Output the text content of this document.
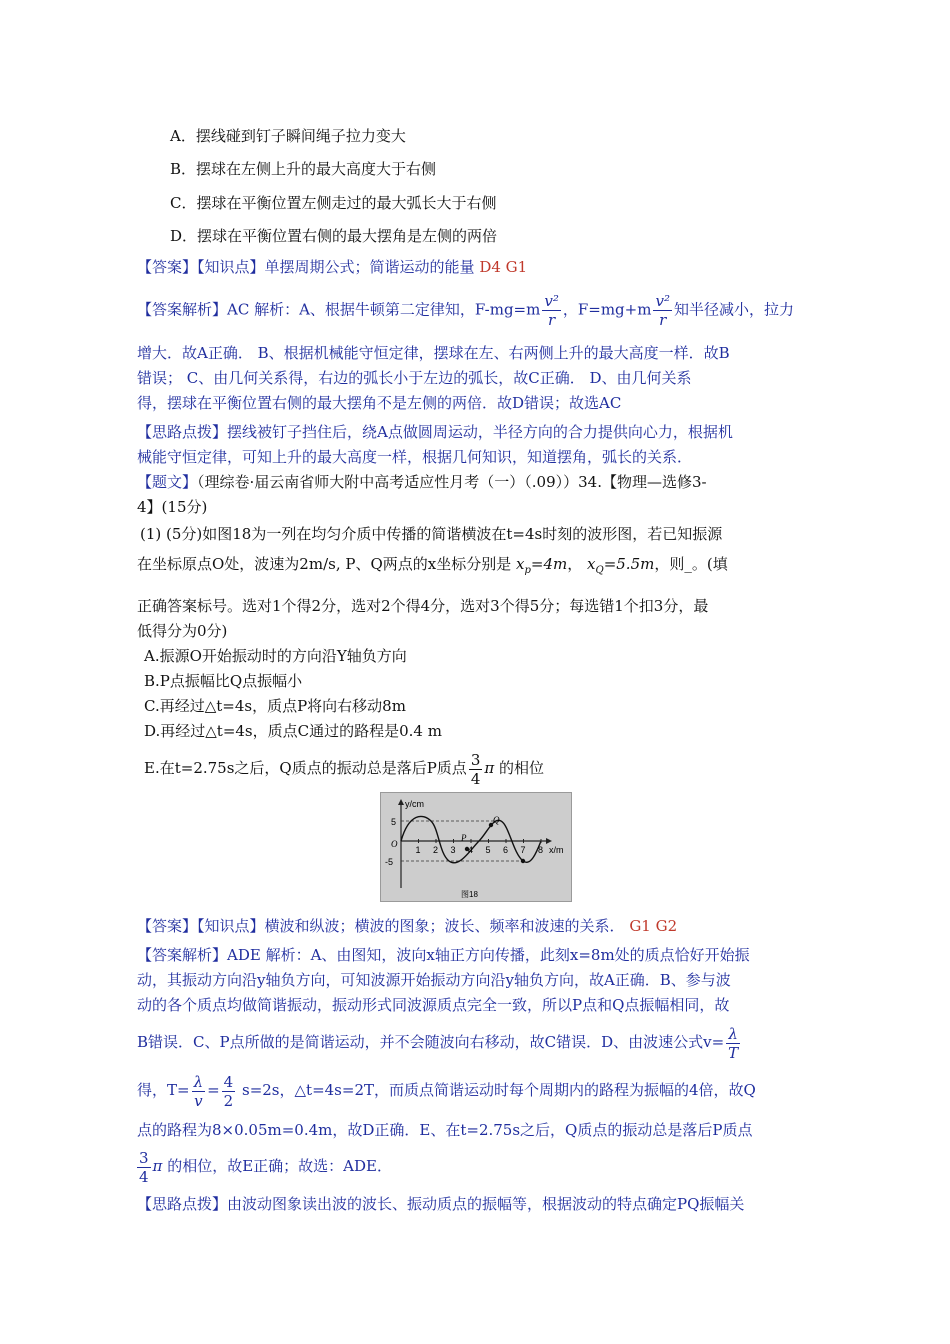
A．摆线碰到钉子瞬间绳子拉力变大
B．摆球在左侧上升的最大高度大于右侧
C．摆球在平衡位置左侧走过的最大弧长大于右侧
D．摆球在平衡位置右侧的最大摆角是左侧的两倍
【答案】【知识点】单摆周期公式；简谐运动的能量 D4 G1
【答案解析】AC 解析：A、根据牛顿第二定律知，$F-mg=m \frac{\text{v²}}{r}$ ，$F=mg+m \frac{\text{v²}}{r}$ 知半径减小，拉力
增大．故A正确． B、根据机械能守恒定律，摆球在左、右两侧上升的最大高度一样．故B
错误； C、由几何关系得，右边的弧长小于左边的弧长，故C正确． D、由几何关系
得，摆球在平衡位置右侧的最大摆角不是左侧的两倍．故D错误；故选AC
【思路点拨】摆线被钉子挡住后，绕A点做圆周运动，半径方向的合力提供向心力，根据机
械能守恒定律，可知上升的最大高度一样，根据几何知识，知道摆角，弧长的关系．
【题文】（理综卷·届云南省师大附中高考适应性月考（一）（.09））34.【物理—选修3-
4】(15分)
(1) (5分)如图18为一列在均匀介质中传播的简谐横波在t=4s时刻的波形图，若已知振源
在坐标原点O处，波速为2m/s, P、Q两点的x坐标分别是 $x_p=4m$， $x_Q=5.5m$，则_。(填
正确答案标号。选对1个得2分，选对2个得4分，选对3个得5分；每选错1个扣3分，最
低得分为0分)
A.振源O开始振动时的方向沿Y轴负方向
B.P点振幅比Q点振幅小
C.再经过△t=4s，质点P将向右移动8m
D.再经过△t=4s，质点C通过的路程是0.4 m
E.在t=2.75s之后，Q质点的振动总是落后P质点 $\frac{3}{4}$ π 的相位
y/cm
x/m
O
5
-5
P
Q
1 2 3 4 5 6 7 8
图18
【答案】【知识点】横波和纵波；横波的图象；波长、频率和波速的关系． G1 G2
【答案解析】ADE 解析：A、由图知，波向x轴正方向传播，此刻x=8m处的质点恰好开始振
动，其振动方向沿y轴负方向，可知波源开始振动方向沿y轴负方向，故A正确．B、参与波
动的各个质点均做简谐振动，振动形式同波源质点完全一致，所以P点和Q点振幅相同，故
B错误．C、P点所做的是简谐运动，并不会随波向右移动，故C错误．D、由波速公式$v= \frac{\lambda}{T}$
得，$T= \frac{\lambda}{v} = \frac{4}{2} s=2s$，△t=4s=2T，而质点简谐运动时每个周期内的路程为振幅的4倍，故Q
点的路程为8×0.05m=0.4m，故D正确．E、在t=2.75s之后，Q质点的振动总是落后P质点
$\frac{3}{4}$ π 的相位，故E正确；故选：ADE．
【思路点拨】由波动图象读出波的波长、振动质点的振幅等，根据波动的特点确定PQ振幅关
